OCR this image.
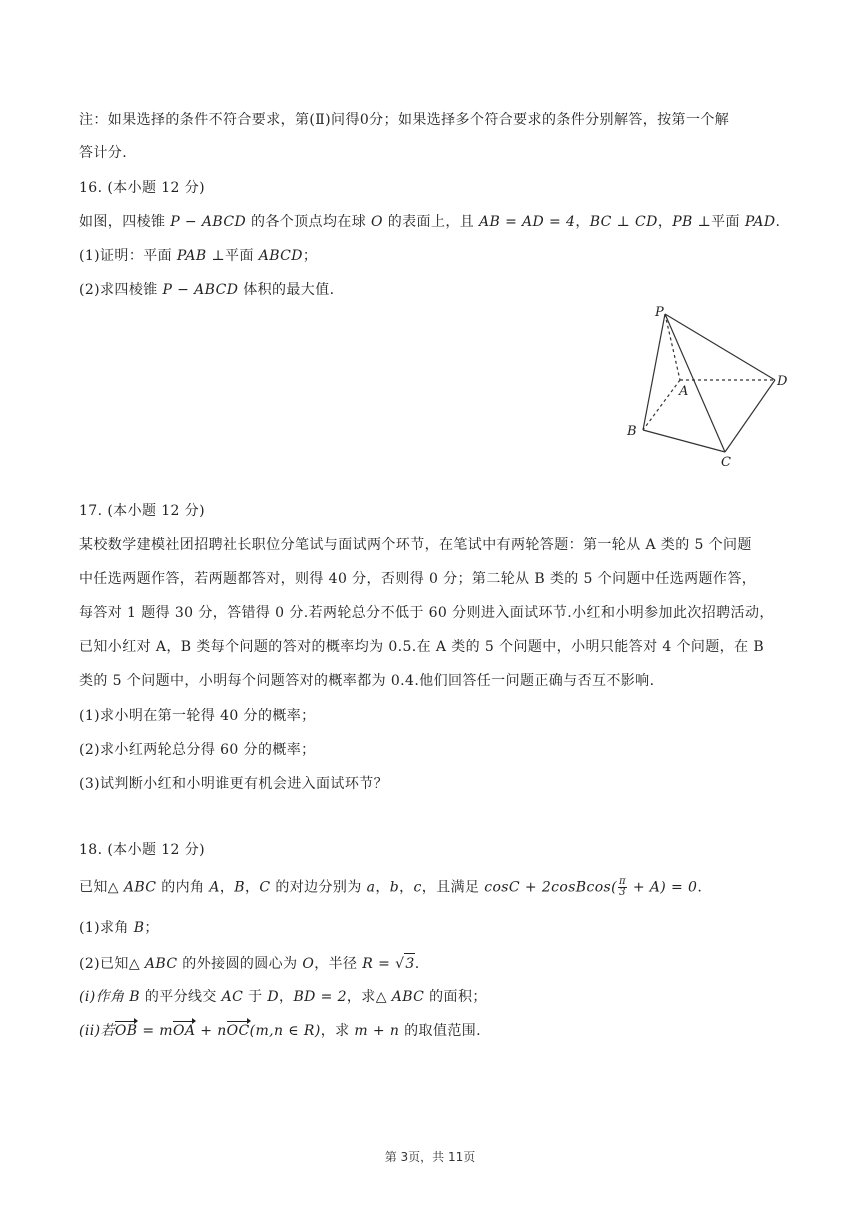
注：如果选择的条件不符合要求，第(Ⅱ)问得0分；如果选择多个符合要求的条件分别解答，按第一个解
答计分.
16. (本小题 12 分)
如图，四棱锥 P − ABCD 的各个顶点均在球 O 的表面上，且 AB = AD = 4，BC ⊥ CD，PB ⊥平面 PAD.
(1)证明：平面 PAB ⊥平面 ABCD；
(2)求四棱锥 P − ABCD 体积的最大值.
P
A
B
C
D
17. (本小题 12 分)
某校数学建模社团招聘社长职位分笔试与面试两个环节，在笔试中有两轮答题：第一轮从 A 类的 5 个问题
中任选两题作答，若两题都答对，则得 40 分，否则得 0 分；第二轮从 B 类的 5 个问题中任选两题作答，
每答对 1 题得 30 分，答错得 0 分.若两轮总分不低于 60 分则进入面试环节.小红和小明参加此次招聘活动，
已知小红对 A，B 类每个问题的答对的概率均为 0.5.在 A 类的 5 个问题中，小明只能答对 4 个问题，在 B
类的 5 个问题中，小明每个问题答对的概率都为 0.4.他们回答任一问题正确与否互不影响.
(1)求小明在第一轮得 40 分的概率；
(2)求小红两轮总分得 60 分的概率；
(3)试判断小红和小明谁更有机会进入面试环节？
18. (本小题 12 分)
已知△ ABC 的内角 A，B，C 的对边分别为 a，b，c，且满足 cosC + 2cosBcos( $\frac{\pi}{3} + A) = 0$.
(1)求角 B；
(2)已知△ ABC 的外接圆的圆心为 O，半径 R = √3.
(i)作角 B 的平分线交 AC 于 D，BD = 2，求△ ABC 的面积；
(ii)若OB = mOA + nOC(m,n ∈ R)，求 m + n 的取值范围.
第 3页，共 11页
